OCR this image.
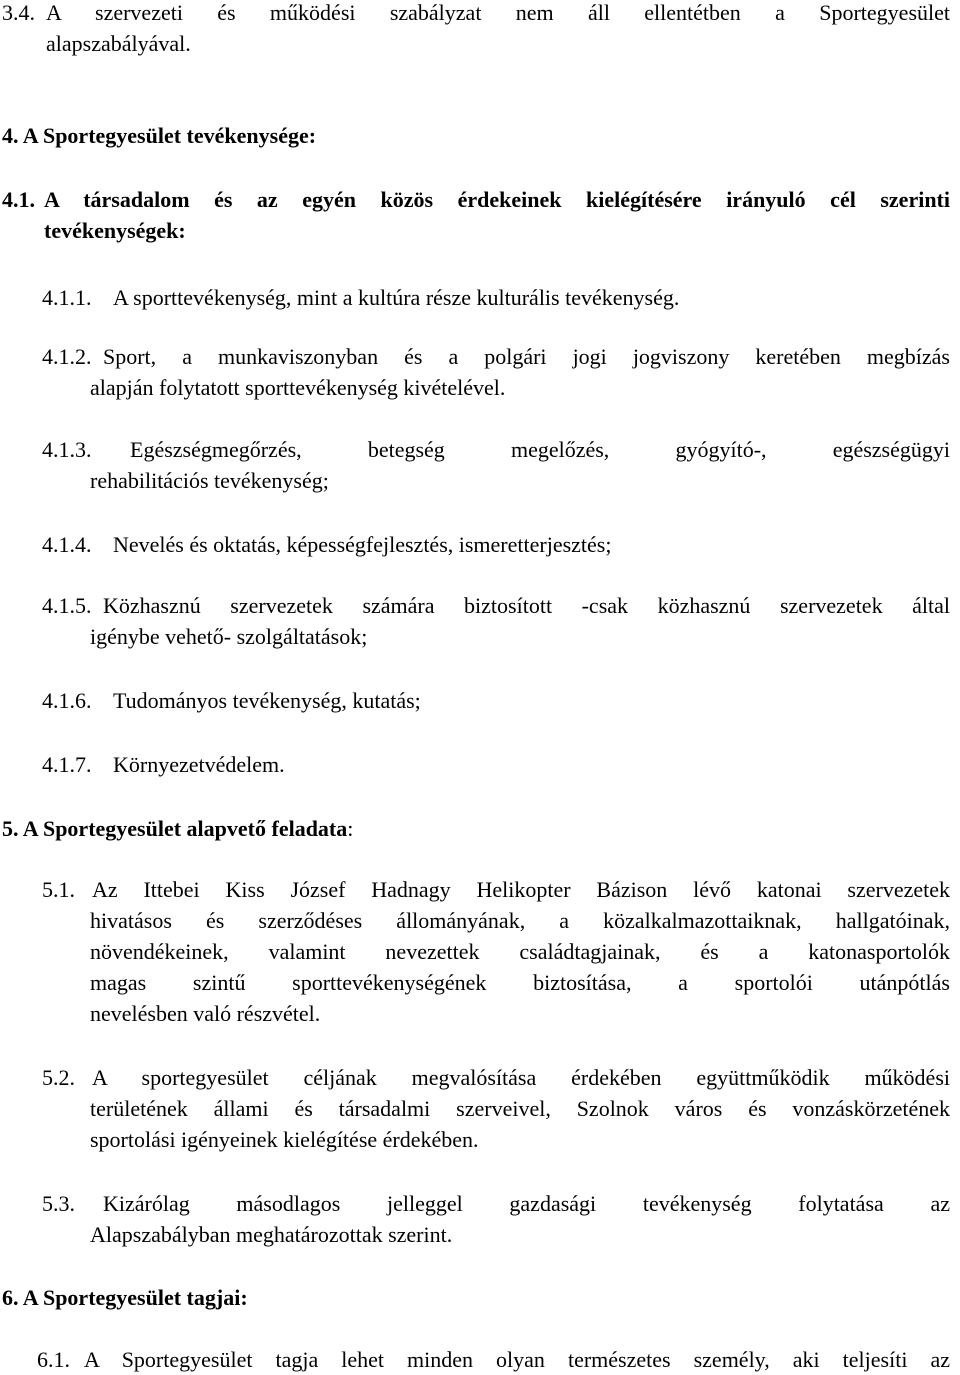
3.4. A szervezeti és működési szabályzat nem áll ellentétben a Sportegyesület
alapszabályával.
4. A Sportegyesület tevékenysége:
4.1. A társadalom és az egyén közös érdekeinek kielégítésére irányuló cél szerinti
tevékenységek:
4.1.1. A sporttevékenység, mint a kultúra része kulturális tevékenység.
4.1.2. Sport, a munkaviszonyban és a polgári jogi jogviszony keretében megbízás
alapján folytatott sporttevékenység kivételével.
4.1.3. Egészségmegőrzés, betegség megelőzés, gyógyító-, egészségügyi
rehabilitációs tevékenység;
4.1.4. Nevelés és oktatás, képességfejlesztés, ismeretterjesztés;
4.1.5. Közhasznú szervezetek számára biztosított -csak közhasznú szervezetek által
igénybe vehető- szolgáltatások;
4.1.6. Tudományos tevékenység, kutatás;
4.1.7. Környezetvédelem.
5. A Sportegyesület alapvető feladata:
5.1. Az Ittebei Kiss József Hadnagy Helikopter Bázison lévő katonai szervezetek
hivatásos és szerződéses állományának, a közalkalmazottaiknak, hallgatóinak,
növendékeinek, valamint nevezettek családtagjainak, és a katonasportolók
magas szintű sporttevékenységének biztosítása, a sportolói utánpótlás
nevelésben való részvétel.
5.2. A sportegyesület céljának megvalósítása érdekében együttműködik működési
területének állami és társadalmi szerveivel, Szolnok város és vonzáskörzetének
sportolási igényeinek kielégítése érdekében.
5.3. Kizárólag másodlagos jelleggel gazdasági tevékenység folytatása az
Alapszabályban meghatározottak szerint.
6. A Sportegyesület tagjai:
6.1. A Sportegyesület tagja lehet minden olyan természetes személy, aki teljesíti az
